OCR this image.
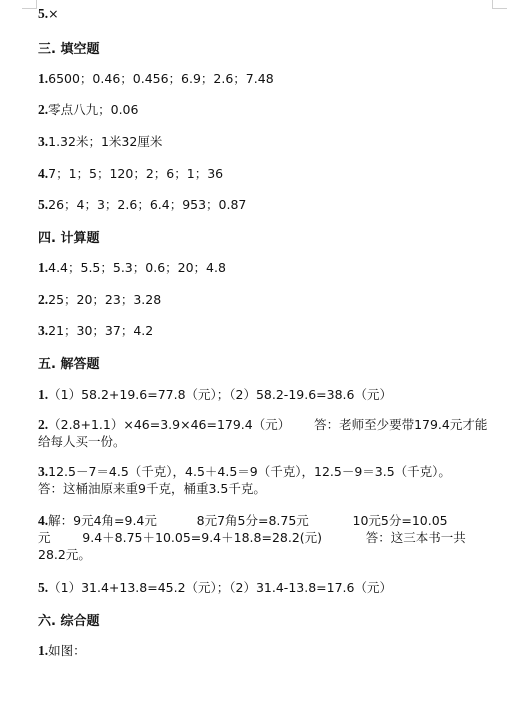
5.×
三. 填空题
1.6500；0.46；0.456；6.9；2.6；7.48
2.零点八九；0.06
3.1.32米；1米32厘米
4.7；1；5；120；2；6；1；36
5.26；4；3；2.6；6.4；953；0.87
四. 计算题
1.4.4；5.5；5.3；0.6；20；4.8
2.25；20；23；3.28
3.21；30；37；4.2
五. 解答题
1.（1）58.2+19.6=77.8（元）；（2）58.2-19.6=38.6（元）
2.（2.8+1.1）×46=3.9×46=179.4（元）      答：老师至少要带179.4元才能
给每人买一份。
3.12.5－7＝4.5（千克），4.5＋4.5＝9（千克），12.5－9＝3.5（千克）。
答：这桶油原来重9千克，桶重3.5千克。
4.解：9元4角=9.4元          8元7角5分=8.75元           10元5分=10.05
元        9.4＋8.75＋10.05=9.4＋18.8=28.2(元)           答：这三本书一共
28.2元。
5.（1）31.4+13.8=45.2（元）；（2）31.4-13.8=17.6（元）
六. 综合题
1.如图：
